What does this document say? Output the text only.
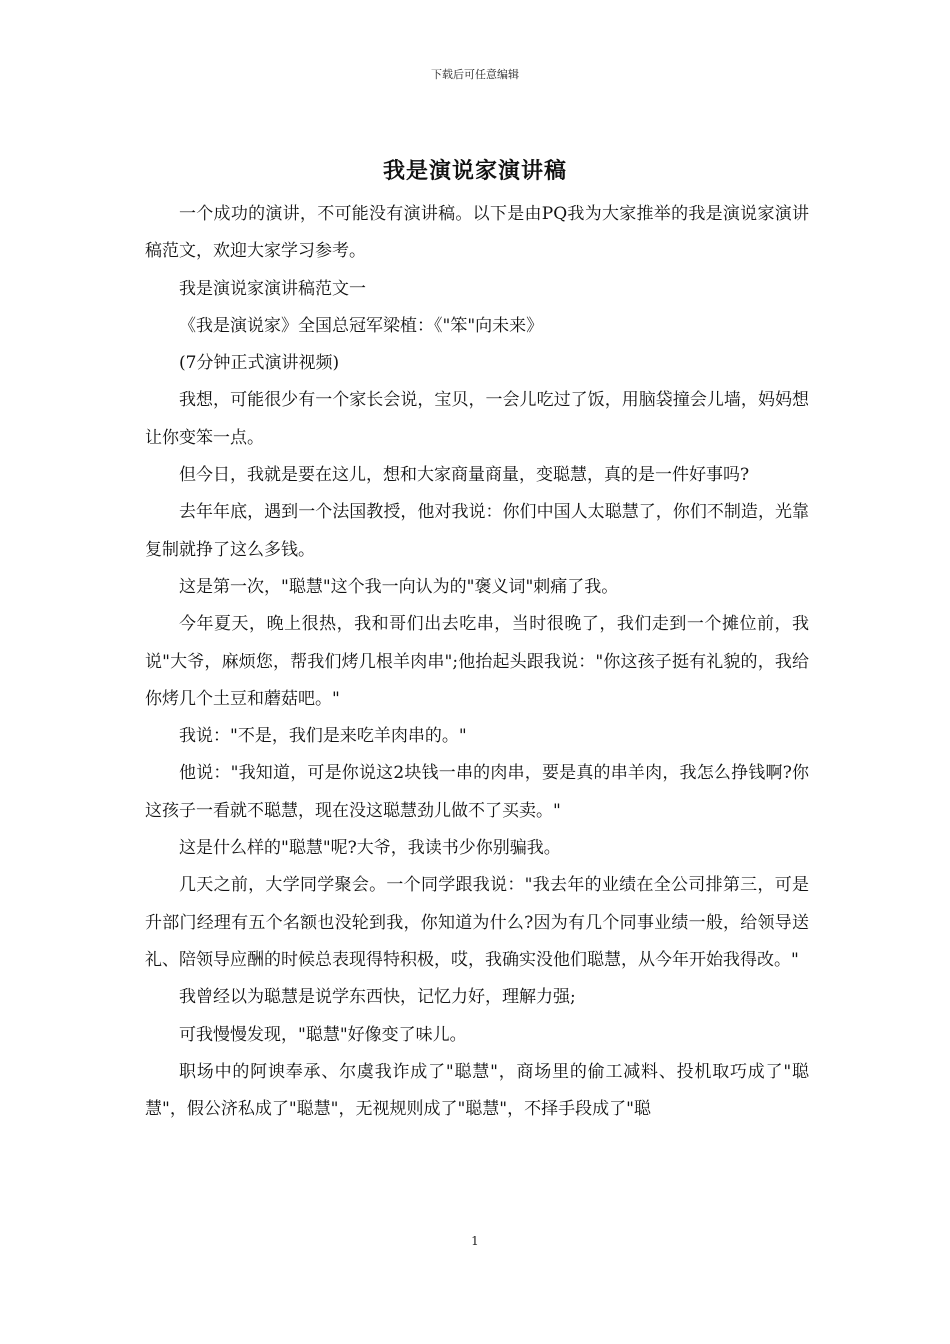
下载后可任意编辑
我是演说家演讲稿

一个成功的演讲，不可能没有演讲稿。以下是由PQ我为大家推举的我是演说家演讲稿范文，欢迎大家学习参考。

我是演说家演讲稿范文一

《我是演说家》全国总冠军梁植：《"笨"向未来》

(7分钟正式演讲视频)

我想，可能很少有一个家长会说，宝贝，一会儿吃过了饭，用脑袋撞会儿墙，妈妈想让你变笨一点。

但今日，我就是要在这儿，想和大家商量商量，变聪慧，真的是一件好事吗?

去年年底，遇到一个法国教授，他对我说：你们中国人太聪慧了，你们不制造，光靠复制就挣了这么多钱。

这是第一次，"聪慧"这个我一向认为的"褒义词"刺痛了我。

今年夏天，晚上很热，我和哥们出去吃串，当时很晚了，我们走到一个摊位前，我说"大爷，麻烦您，帮我们烤几根羊肉串";他抬起头跟我说："你这孩子挺有礼貌的，我给你烤几个土豆和蘑菇吧。"

我说："不是，我们是来吃羊肉串的。"

他说："我知道，可是你说这2块钱一串的肉串，要是真的串羊肉，我怎么挣钱啊?你这孩子一看就不聪慧，现在没这聪慧劲儿做不了买卖。"

这是什么样的"聪慧"呢?大爷，我读书少你别骗我。

几天之前，大学同学聚会。一个同学跟我说："我去年的业绩在全公司排第三，可是升部门经理有五个名额也没轮到我，你知道为什么?因为有几个同事业绩一般，给领导送礼、陪领导应酬的时候总表现得特积极，哎，我确实没他们聪慧，从今年开始我得改。"

我曾经以为聪慧是说学东西快，记忆力好，理解力强;

可我慢慢发现，"聪慧"好像变了味儿。

职场中的阿谀奉承、尔虞我诈成了"聪慧"，商场里的偷工减料、投机取巧成了"聪慧"，假公济私成了"聪慧"，无视规则成了"聪慧"，不择手段成了"聪

1
